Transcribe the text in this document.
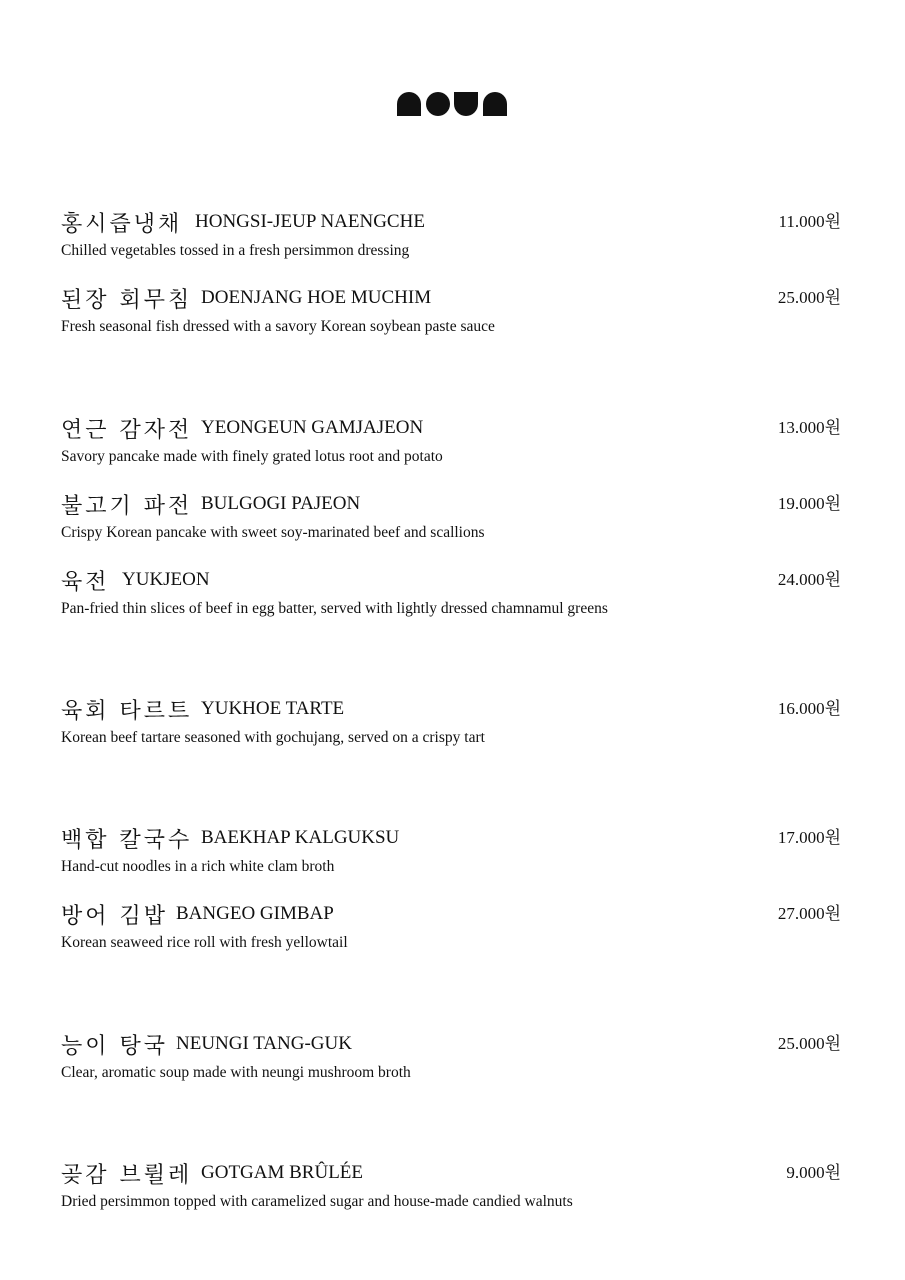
홍시즙냉채 HONGSI-JEUP NAENGCHE	11.000원
Chilled vegetables tossed in a fresh persimmon dressing
된장 회무침 DOENJANG HOE MUCHIM	25.000원
Fresh seasonal fish dressed with a savory Korean soybean paste sauce
연근 감자전 YEONGEUN GAMJAJEON	13.000원
Savory pancake made with finely grated lotus root and potato
불고기 파전 BULGOGI PAJEON	19.000원
Crispy Korean pancake with sweet soy-marinated beef and scallions
육전 YUKJEON	24.000원
Pan-fried thin slices of beef in egg batter, served with lightly dressed chamnamul greens
육회 타르트 YUKHOE TARTE	16.000원
Korean beef tartare seasoned with gochujang, served on a crispy tart
백합 칼국수 BAEKHAP KALGUKSU	17.000원
Hand-cut noodles in a rich white clam broth
방어 김밥 BANGEO GIMBAP	27.000원
Korean seaweed rice roll with fresh yellowtail
능이 탕국 NEUNGI TANG-GUK	25.000원
Clear, aromatic soup made with neungi mushroom broth
곶감 브륄레 GOTGAM BRÛLÉE	9.000원
Dried persimmon topped with caramelized sugar and house-made candied walnuts
